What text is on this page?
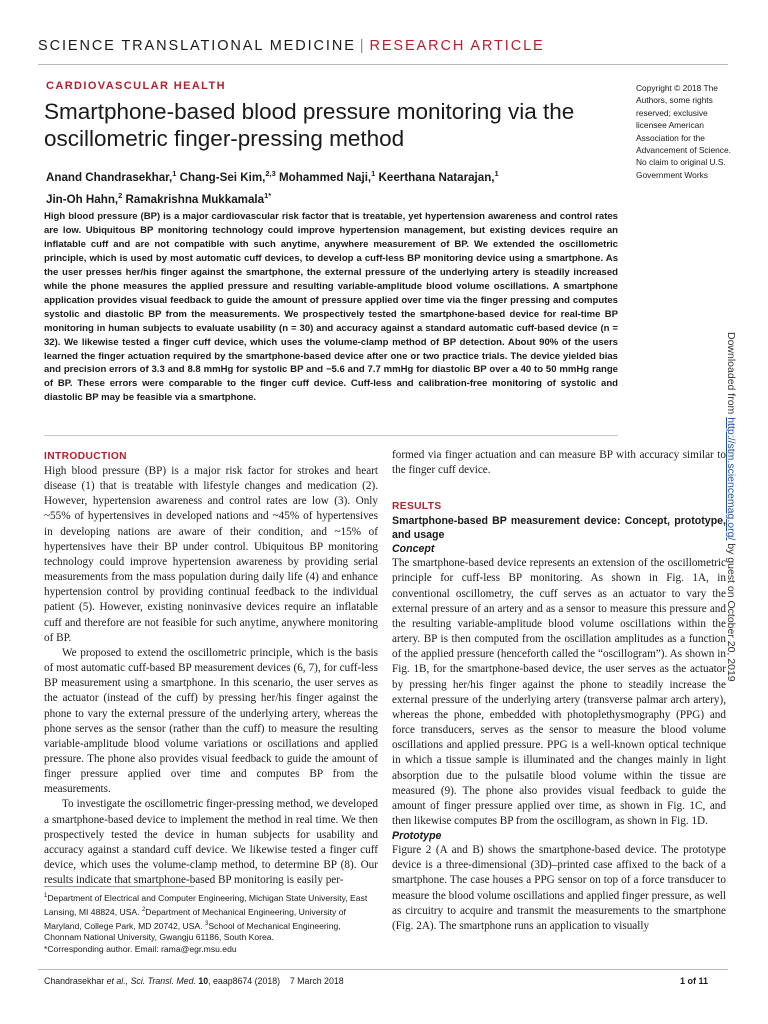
SCIENCE TRANSLATIONAL MEDICINE | RESEARCH ARTICLE
CARDIOVASCULAR HEALTH
Smartphone-based blood pressure monitoring via the oscillometric finger-pressing method
Anand Chandrasekhar,$^1$ Chang-Sei Kim,$^{2,3}$ Mohammed Naji,$^1$ Keerthana Natarajan,$^1$
Jin-Oh Hahn,$^2$ Ramakrishna Mukkamala$^{1*}$
Copyright © 2018 The Authors, some rights reserved; exclusive licensee American Association for the Advancement of Science. No claim to original U.S. Government Works

High blood pressure (BP) is a major cardiovascular risk factor that is treatable, yet hypertension awareness and control rates are low. Ubiquitous BP monitoring technology could improve hypertension management, but existing devices require an inflatable cuff and are not compatible with such anytime, anywhere measurement of BP. We extended the oscillometric principle, which is used by most automatic cuff devices, to develop a cuff-less BP monitoring device using a smartphone. As the user presses her/his finger against the smartphone, the external pressure of the underlying artery is steadily increased while the phone measures the applied pressure and resulting variable-amplitude blood volume oscillations. A smartphone application provides visual feedback to guide the amount of pressure applied over time via the finger pressing and computes systolic and diastolic BP from the measurements. We prospectively tested the smartphone-based device for real-time BP monitoring in human subjects to evaluate usability (n = 30) and accuracy against a standard automatic cuff-based device (n = 32). We likewise tested a finger cuff device, which uses the volume-clamp method of BP detection. About 90% of the users learned the finger actuation required by the smartphone-based device after one or two practice trials. The device yielded bias and precision errors of 3.3 and 8.8 mmHg for systolic BP and −5.6 and 7.7 mmHg for diastolic BP over a 40 to 50 mmHg range of BP. These errors were comparable to the finger cuff device. Cuff-less and calibration-free monitoring of systolic and diastolic BP may be feasible via a smartphone.	Downloaded from http://stm.sciencemag.org/ by guest on October 20, 2019

INTRODUCTION

High blood pressure (BP) is a major risk factor for strokes and heart disease (1) that is treatable with lifestyle changes and medication (2). However, hypertension awareness and control rates are low (3). Only ~55% of hypertensives in developed nations and ~45% of hypertensives in developing nations are aware of their condition, and ~15% of hypertensives have their BP under control. Ubiquitous BP monitoring technology could improve hypertension awareness by providing serial measurements from the mass population during daily life (4) and enhance hypertension control by providing continual feedback to the individual patient (5). However, existing noninvasive devices require an inflatable cuff and therefore are not feasible for such anytime, anywhere monitoring of BP.

We proposed to extend the oscillometric principle, which is the basis of most automatic cuff-based BP measurement devices (6, 7), for cuff-less BP measurement using a smartphone. In this scenario, the user serves as the actuator (instead of the cuff) by pressing her/his finger against the phone to vary the external pressure of the underlying artery, whereas the phone serves as the sensor (rather than the cuff) to measure the resulting variable-amplitude blood volume variations or oscillations and applied pressure. The phone also provides visual feedback to guide the amount of finger pressure applied over time and computes BP from the measurements.

To investigate the oscillometric finger-pressing method, we developed a smartphone-based device to implement the method in real time. We then prospectively tested the device in human subjects for usability and accuracy against a standard cuff device. We likewise tested a finger cuff device, which uses the volume-clamp method, to determine BP (8). Our results indicate that smartphone-based BP monitoring is easily per-

formed via finger actuation and can measure BP with accuracy similar to the finger cuff device.

RESULTS

Smartphone-based BP measurement device: Concept, prototype, and usage

Concept

The smartphone-based device represents an extension of the oscillometric principle for cuff-less BP monitoring. As shown in Fig. 1A, in conventional oscillometry, the cuff serves as an actuator to vary the external pressure of an artery and as a sensor to measure this pressure and the resulting variable-amplitude blood volume oscillations within the artery. BP is then computed from the oscillation amplitudes as a function of the applied pressure (henceforth called the “oscillogram”). As shown in Fig. 1B, for the smartphone-based device, the user serves as the actuator by pressing her/his finger against the phone to steadily increase the external pressure of the underlying artery (transverse palmar arch artery), whereas the phone, embedded with photoplethysmography (PPG) and force transducers, serves as the sensor to measure the blood volume oscillations and applied pressure. PPG is a well-known optical technique in which a tissue sample is illuminated and the changes mainly in light absorption due to the pulsatile blood volume within the tissue are measured (9). The phone also provides visual feedback to guide the amount of finger pressure applied over time, as shown in Fig. 1C, and then likewise computes BP from the oscillogram, as shown in Fig. 1D.

Prototype

Figure 2 (A and B) shows the smartphone-based device. The prototype device is a three-dimensional (3D)–printed case affixed to the back of a smartphone. The case houses a PPG sensor on top of a force transducer to measure the blood volume oscillations and applied finger pressure, as well as circuitry to acquire and transmit the measurements to the smartphone (Fig. 2A). The smartphone runs an application to visually

$^1$Department of Electrical and Computer Engineering, Michigan State University, East Lansing, MI 48824, USA. $^2$Department of Mechanical Engineering, University of Maryland, College Park, MD 20742, USA. $^3$School of Mechanical Engineering, Chonnam National University, Gwangju 61186, South Korea.
*Corresponding author. Email: rama@egr.msu.edu
Chandrasekhar et al., Sci. Transl. Med. 10, eaap8674 (2018)    7 March 2018	1 of 11
